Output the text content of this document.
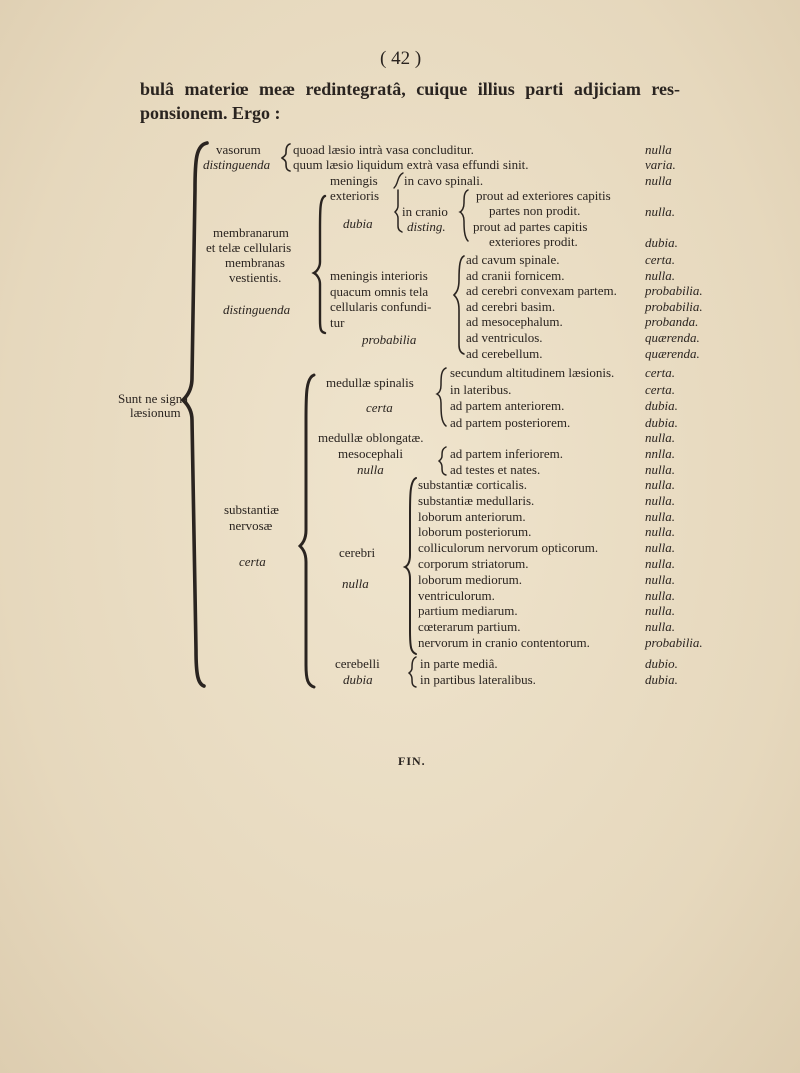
( 42 )
bulâ materiœ meæ redintegratâ, cuique illius parti adjiciam res-
ponsionem. Ergo :
Sunt ne signa
læsionum
vasorum
distinguenda
quoad læsio intrà vasa concluditur.	nulla
quum læsio liquidum extrà vasa effundi sinit.	varia.
membranarum
et telæ cellularis
membranas
vestientis.
distinguenda
meningis in cavo spinali.	nulla
exterioris
dubia
in cranio
disting.
prout ad exteriores capitis
partes non prodit.	nulla.
prout ad partes capitis
exteriores prodit.	dubia.
meningis interioris
quacum omnis tela
cellularis confundi-
tur
probabilia
ad cavum spinale.	certa.
ad cranii fornicem.	nulla.
ad cerebri convexam partem. probabilia.
ad cerebri basim.	probabilia.
ad mesocephalum.	probanda.
ad ventriculos.	quærenda.
ad cerebellum.	quærenda.
substantiæ
nervosæ
certa
medullæ spinalis
certa
secundum altitudinem læsionis. certa.
in lateribus.	certa.
ad partem anteriorem.	dubia.
ad partem posteriorem.	dubia.
medullæ oblongatæ.	nulla.
mesocephali
nulla
ad partem inferiorem.	nnlla.
ad testes et nates.	nulla.
cerebri
nulla
substantiæ corticalis.	nulla.
substantiæ medullaris.	nulla.
loborum anteriorum.	nulla.
loborum posteriorum.	nulla.
colliculorum nervorum opticorum.	nulla.
corporum striatorum.	nulla.
loborum mediorum.	nulla.
ventriculorum.	nulla.
partium mediarum.	nulla.
cœterarum partium.	nulla.
nervorum in cranio contentorum.	probabilia.
cerebelli
dubia
in parte mediâ.	dubio.
in partibus lateralibus.	dubia.
FIN.
